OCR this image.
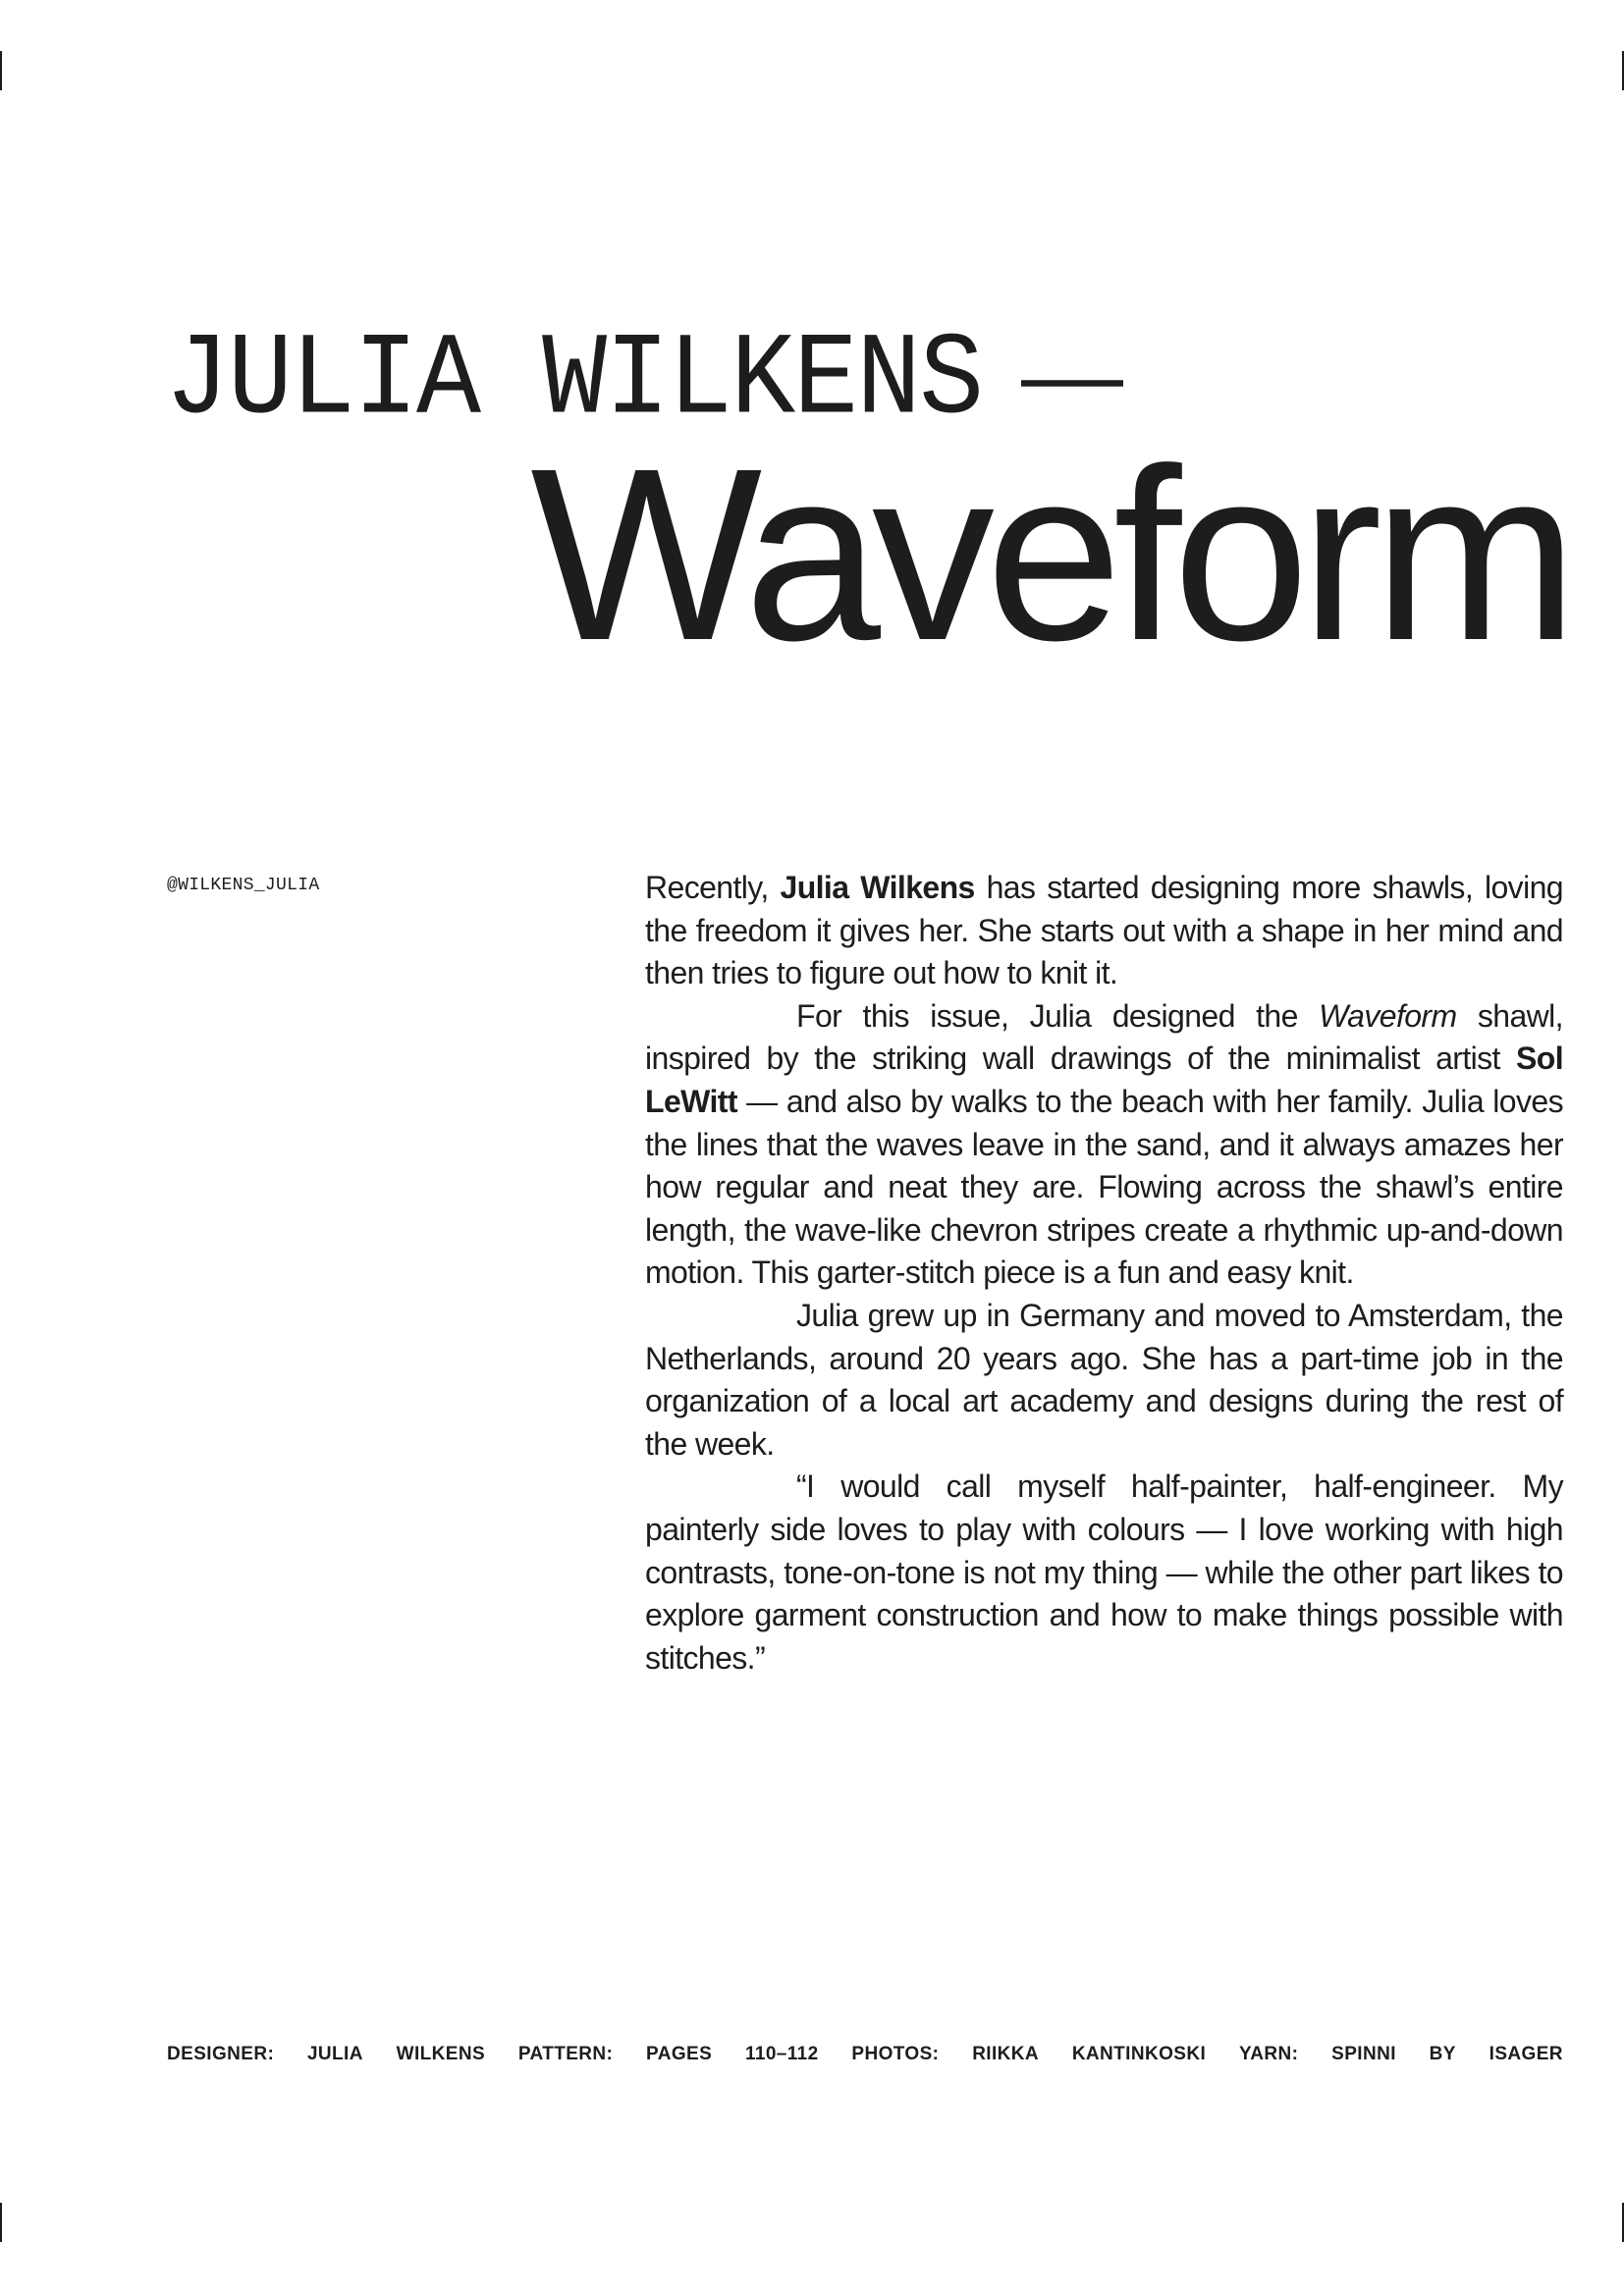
JULIA WILKENS
Waveform
@WILKENS_JULIA	Recently, Julia Wilkens has started designing more shawls, loving the freedom it gives her. She starts out with a shape in her mind and then tries to figure out how to knit it.

For this issue, Julia designed the Waveform shawl, inspired by the striking wall drawings of the minimalist artist Sol LeWitt — and also by walks to the beach with her family. Julia loves the lines that the waves leave in the sand, and it always amazes her how regular and neat they are. Flowing across the shawl’s entire length, the wave-like chevron stripes create a rhythmic up-and-down motion. This garter-stitch piece is a fun and easy knit.

Julia grew up in Germany and moved to Amsterdam, the Netherlands, around 20 years ago. She has a part-time job in the organization of a local art academy and designs during the rest of the week.

“I would call myself half-painter, half-engineer. My painterly side loves to play with colours — I love working with high contrasts, tone-on-tone is not my thing — while the other part likes to explore garment construction and how to make things possible with stitches.”

DESIGNER: JULIA WILKENS PATTERN: PAGES 110–112 PHOTOS: RIIKKA KANTINKOSKI YARN: SPINNI BY ISAGER
